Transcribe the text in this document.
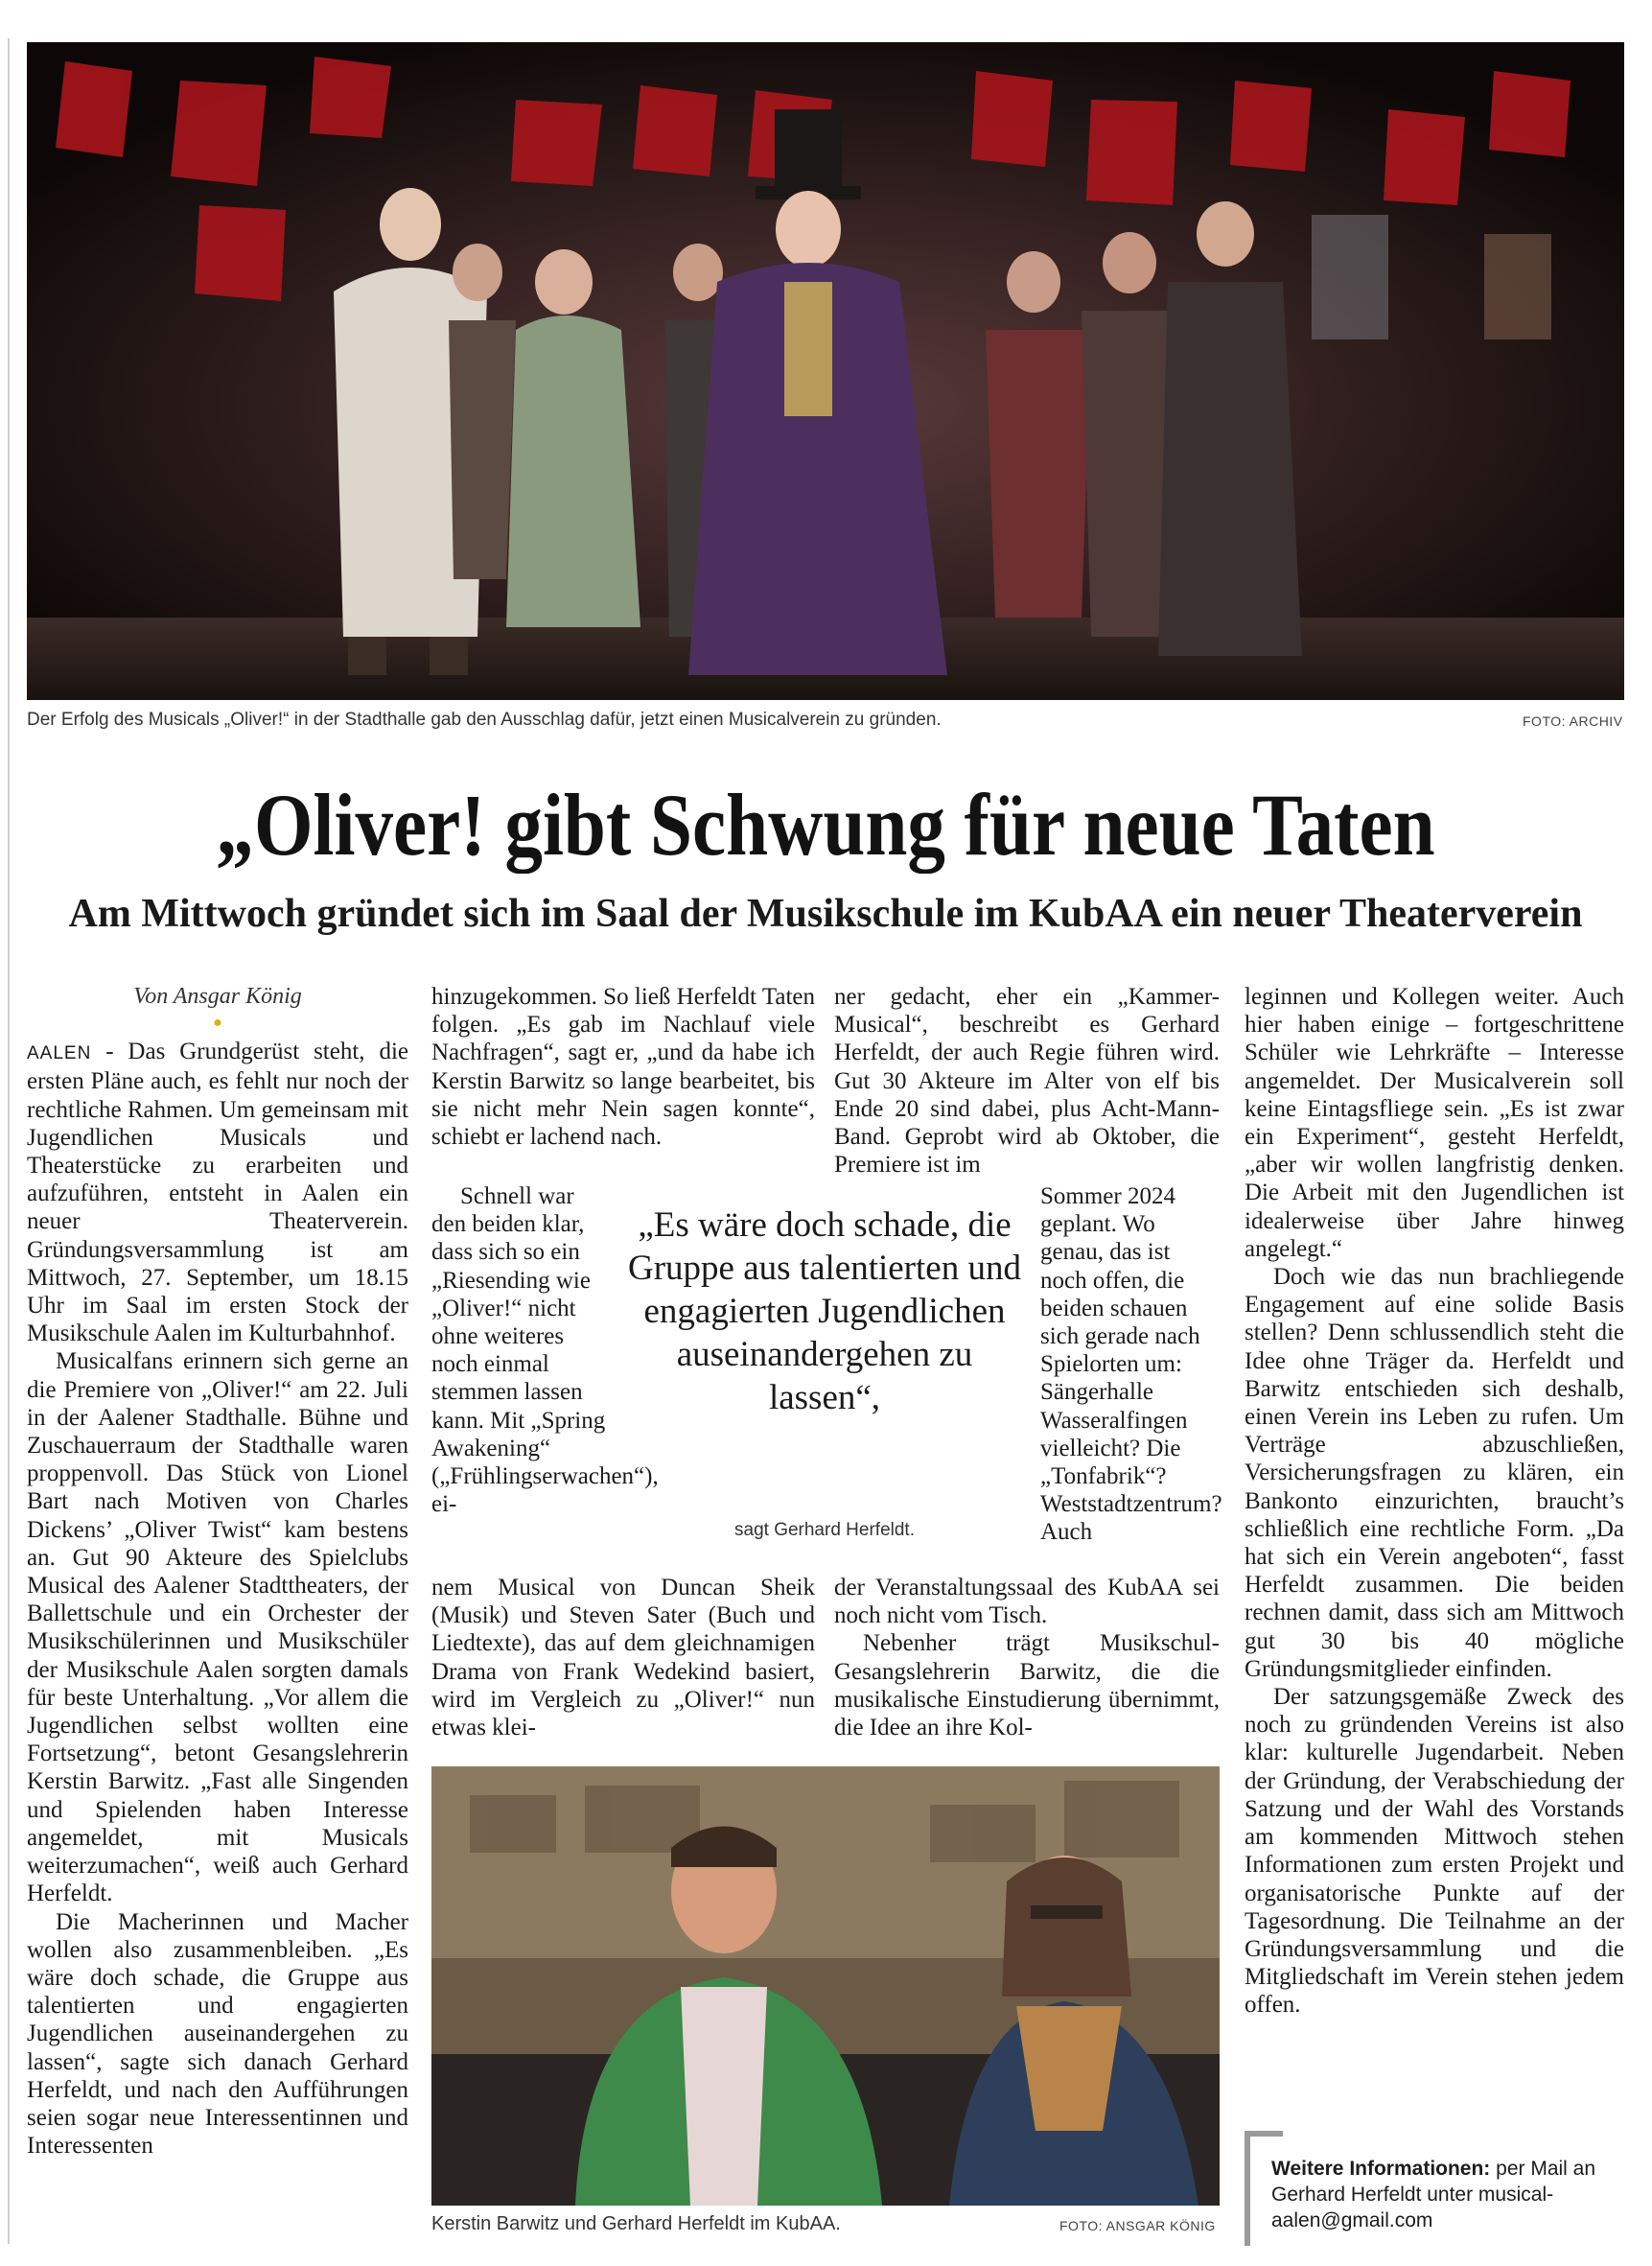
Der Erfolg des Musicals „Oliver!“ in der Stadthalle gab den Ausschlag dafür, jetzt einen Musicalverein zu gründen.	FOTO: ARCHIV
„Oliver! gibt Schwung für neue Taten
Am Mittwoch gründet sich im Saal der Musikschule im KubAA ein neuer Theaterverein
Von Ansgar König
●

AALEN - Das Grundgerüst steht, die ersten Pläne auch, es fehlt nur noch der rechtliche Rahmen. Um gemeinsam mit Jugendlichen Musicals und Theaterstücke zu erarbeiten und aufzuführen, entsteht in Aalen ein neuer Theaterverein. Gründungsversammlung ist am Mittwoch, 27. September, um 18.15 Uhr im Saal im ersten Stock der Musikschule Aalen im Kulturbahnhof.

Musicalfans erinnern sich gerne an die Premiere von „Oliver!“ am 22. Juli in der Aalener Stadthalle. Bühne und Zuschauerraum der Stadthalle waren proppenvoll. Das Stück von Lionel Bart nach Motiven von Charles Dickens’ „Oliver Twist“ kam bestens an. Gut 90 Akteure des Spielclubs Musical des Aalener Stadttheaters, der Ballettschule und ein Orchester der Musikschülerinnen und Musikschüler der Musikschule Aalen sorgten damals für beste Unterhaltung. „Vor allem die Jugendlichen selbst wollten eine Fortsetzung“, betont Gesangslehrerin Kerstin Barwitz. „Fast alle Singenden und Spielenden haben Interesse angemeldet, mit Musicals weiterzumachen“, weiß auch Gerhard Herfeldt.

Die Macherinnen und Macher wollen also zusammenbleiben. „Es wäre doch schade, die Gruppe aus talentierten und engagierten Jugendlichen auseinandergehen zu lassen“, sagte sich danach Gerhard Herfeldt, und nach den Aufführungen seien sogar neue Interessentinnen und Interessenten

hinzugekommen. So ließ Herfeldt Taten folgen. „Es gab im Nachlauf viele Nachfragen“, sagt er, „und da habe ich Kerstin Barwitz so lange bearbeitet, bis sie nicht mehr Nein sagen konnte“, schiebt er lachend nach.

Schnell war den beiden klar, dass sich so ein „Riesending wie „Oliver!“ nicht ohne weiteres noch einmal stemmen lassen kann. Mit „Spring Awakening“ („Frühlingserwachen“), ei-

nem Musical von Duncan Sheik (Musik) und Steven Sater (Buch und Liedtexte), das auf dem gleichnamigen Drama von Frank Wedekind basiert, wird im Vergleich zu „Oliver!“ nun etwas klei-

ner gedacht, eher ein „Kammer-Musical“, beschreibt es Gerhard Herfeldt, der auch Regie führen wird. Gut 30 Akteure im Alter von elf bis Ende 20 sind dabei, plus Acht-Mann-Band. Geprobt wird ab Oktober, die Premiere ist im

Sommer 2024 geplant. Wo genau, das ist noch offen, die beiden schauen sich gerade nach Spielorten um: Sängerhalle Wasseralfingen vielleicht? Die „Tonfabrik“? Weststadtzentrum? Auch

der Veranstaltungssaal des KubAA sei noch nicht vom Tisch.

Nebenher trägt Musikschul-Gesangslehrerin Barwitz, die die musikalische Einstudierung übernimmt, die Idee an ihre Kol-

„Es wäre doch schade, die Gruppe aus talentierten und engagierten Jugendlichen auseinandergehen zu lassen“,
sagt Gerhard Herfeldt.
Kerstin Barwitz und Gerhard Herfeldt im KubAA.	FOTO: ANSGAR KÖNIG

leginnen und Kollegen weiter. Auch hier haben einige – fortgeschrittene Schüler wie Lehrkräfte – Interesse angemeldet. Der Musicalverein soll keine Eintagsfliege sein. „Es ist zwar ein Experiment“, gesteht Herfeldt, „aber wir wollen langfristig denken. Die Arbeit mit den Jugendlichen ist idealerweise über Jahre hinweg angelegt.“

Doch wie das nun brachliegende Engagement auf eine solide Basis stellen? Denn schlussendlich steht die Idee ohne Träger da. Herfeldt und Barwitz entschieden sich deshalb, einen Verein ins Leben zu rufen. Um Verträge abzuschließen, Versicherungsfragen zu klären, ein Bankonto einzurichten, braucht’s schließlich eine rechtliche Form. „Da hat sich ein Verein angeboten“, fasst Herfeldt zusammen. Die beiden rechnen damit, dass sich am Mittwoch gut 30 bis 40 mögliche Gründungsmitglieder einfinden.

Der satzungsgemäße Zweck des noch zu gründenden Vereins ist also klar: kulturelle Jugendarbeit. Neben der Gründung, der Verabschiedung der Satzung und der Wahl des Vorstands am kommenden Mittwoch stehen Informationen zum ersten Projekt und organisatorische Punkte auf der Tagesordnung. Die Teilnahme an der Gründungsversammlung und die Mitgliedschaft im Verein stehen jedem offen.

Weitere Informationen: per Mail an Gerhard Herfeldt unter musical-aalen@gmail.com
